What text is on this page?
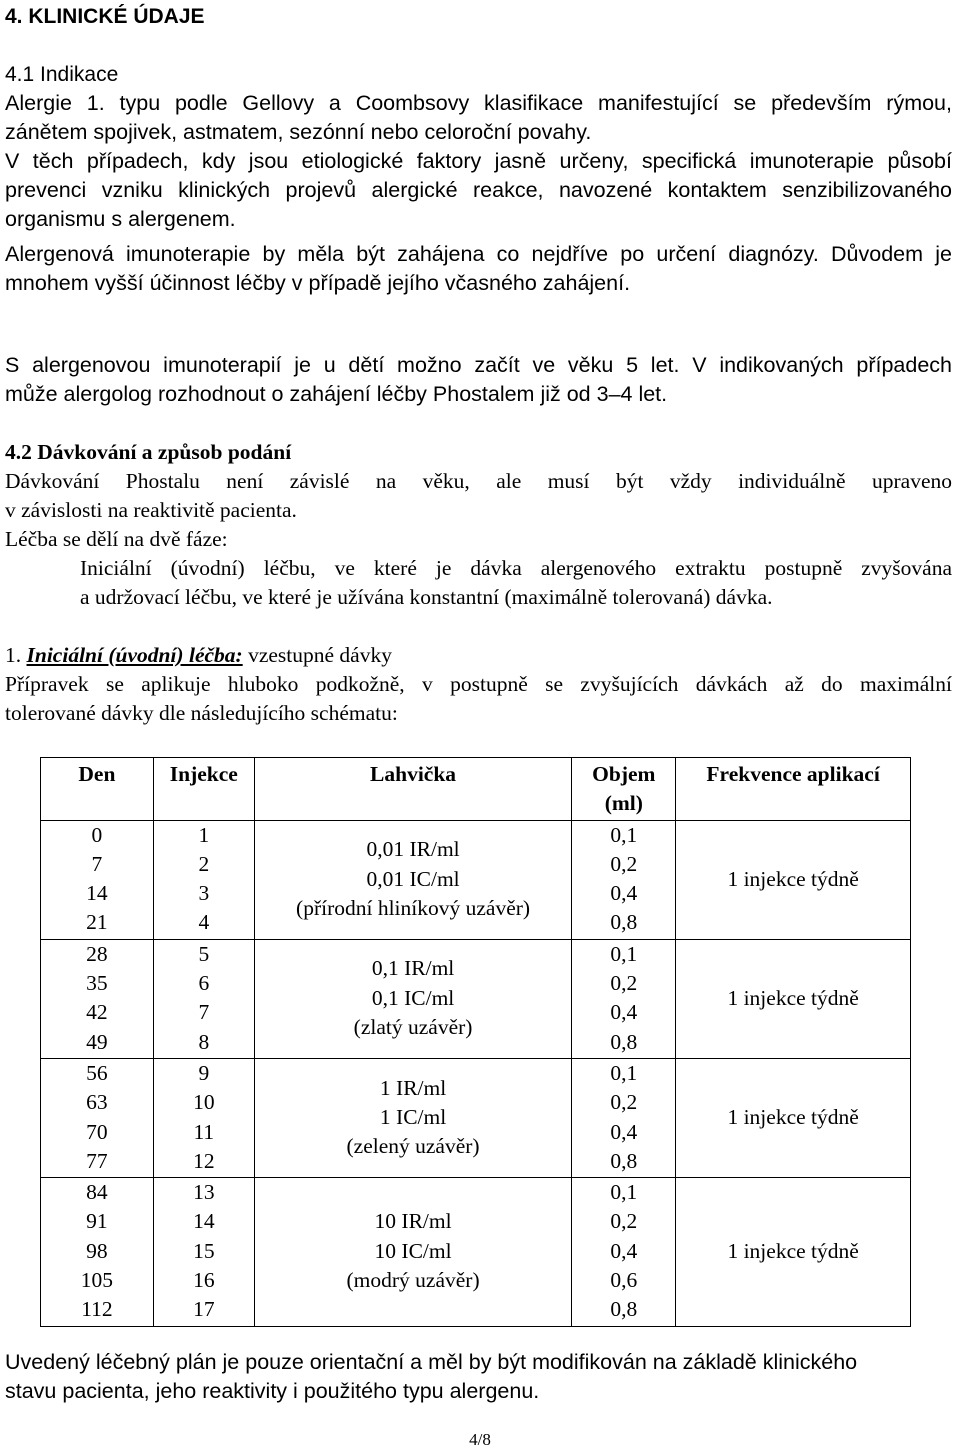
4. KLINICKÉ ÚDAJE

4.1 Indikace

Alergie 1. typu podle Gellovy a Coombsovy klasifikace manifestující se především rýmou,

zánětem spojivek, astmatem, sezónní nebo celoroční povahy.

V těch případech, kdy jsou etiologické faktory jasně určeny, specifická imunoterapie působí

prevenci vzniku klinických projevů alergické reakce, navozené kontaktem senzibilizovaného

organismu s alergenem.

Alergenová imunoterapie by měla být zahájena co nejdříve po určení diagnózy. Důvodem je

mnohem vyšší účinnost léčby v případě jejího včasného zahájení.

S alergenovou imunoterapií je u dětí možno začít ve věku 5 let. V indikovaných případech

může alergolog rozhodnout o zahájení léčby Phostalem již od 3–4 let.

4.2 Dávkování a způsob podání

Dávkování Phostalu není závislé na věku, ale musí být vždy individuálně upraveno

v závislosti na reaktivitě pacienta.

Léčba se dělí na dvě fáze:

Iniciální (úvodní) léčbu, ve které je dávka alergenového extraktu postupně zvyšována

a udržovací léčbu, ve které je užívána konstantní (maximálně tolerovaná) dávka.

1. Iniciální (úvodní) léčba: vzestupné dávky

Přípravek se aplikuje hluboko podkožně, v postupně se zvyšujících dávkách až do maximální

tolerované dávky dle následujícího schématu:

Den	Injekce	Lahvička	Objem
(ml)	Frekvence aplikací

0
7
14
21	1
2
3
4	0,01 IR/ml
0,01 IC/ml
(přírodní hliníkový uzávěr)	0,1
0,2
0,4
0,8	1 injekce týdně

28
35
42
49	5
6
7
8	0,1 IR/ml
0,1 IC/ml
(zlatý uzávěr)	0,1
0,2
0,4
0,8	1 injekce týdně

56
63
70
77	9
10
11
12	1 IR/ml
1 IC/ml
(zelený uzávěr)	0,1
0,2
0,4
0,8	1 injekce týdně

84
91
98
105
112	13
14
15
16
17	10 IR/ml
10 IC/ml
(modrý uzávěr)	0,1
0,2
0,4
0,6
0,8	1 injekce týdně

Uvedený léčebný plán je pouze orientační a měl by být modifikován na základě klinického

stavu pacienta, jeho reaktivity i použitého typu alergenu.

4/8
